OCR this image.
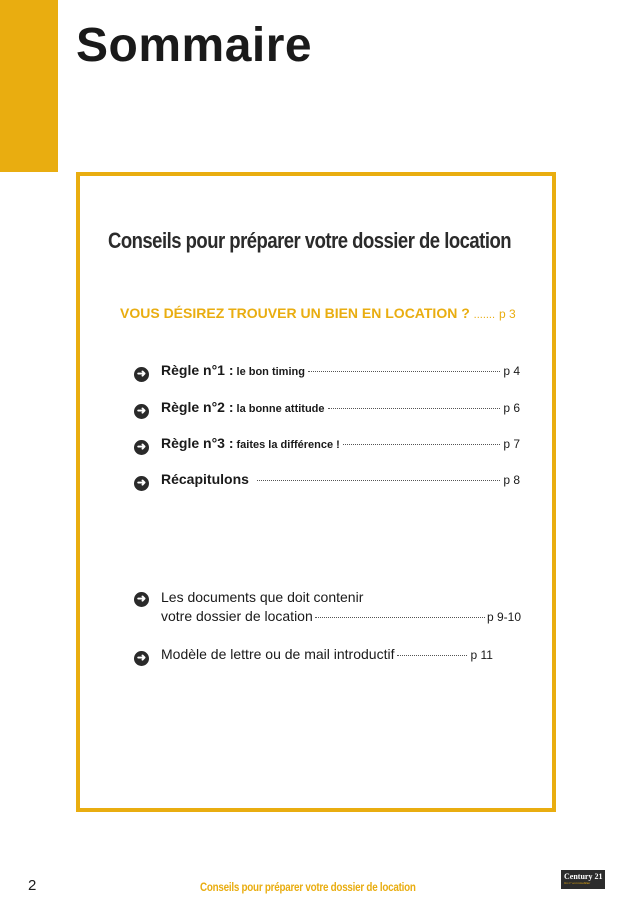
Sommaire
Conseils pour préparer votre dossier de location
VOUS DÉSIREZ TROUVER UN BIEN EN LOCATION ? ....... p 3
➜ Règle n°1 : le bon timing	p 4
➜ Règle n°2 : la bonne attitude	p 6
➜ Règle n°3 : faites la différence !	p 7
➜ Récapitulons	p 8
➜ Les documents que doit contenir
votre dossier de location	p 9-10
➜ Modèle de lettre ou de mail introductif	p 11
2	Conseils pour préparer votre dossier de location
Century 21
Un n° en immobilier
